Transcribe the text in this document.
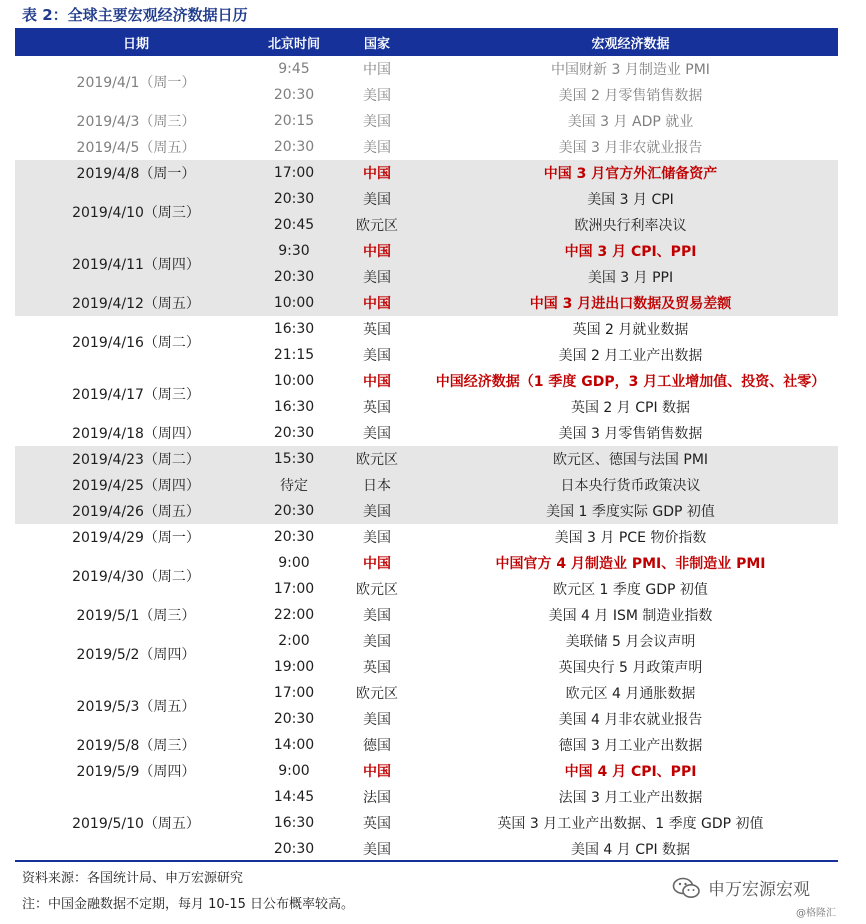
表 2：全球主要宏观经济数据日历
日期	北京时间	国家	宏观经济数据
2019/4/1（周一）
9:45	中国	中国财新 3 月制造业 PMI
20:30	美国	美国 2 月零售销售数据
2019/4/3（周三）	20:15	美国	美国 3 月 ADP 就业
2019/4/5（周五）	20:30	美国	美国 3 月非农就业报告
2019/4/8（周一）	17:00	中国	中国 3 月官方外汇储备资产
2019/4/10（周三）
20:30	美国	美国 3 月 CPI
20:45	欧元区	欧洲央行利率决议
2019/4/11（周四）
9:30	中国	中国 3 月 CPI、PPI
20:30	美国	美国 3 月 PPI
2019/4/12（周五）	10:00	中国	中国 3 月进出口数据及贸易差额
2019/4/16（周二）
16:30	英国	英国 2 月就业数据
21:15	美国	美国 2 月工业产出数据
2019/4/17（周三）
10:00	中国	中国经济数据（1 季度 GDP，3 月工业增加值、投资、社零）
16:30	英国	英国 2 月 CPI 数据
2019/4/18（周四）	20:30	美国	美国 3 月零售销售数据
2019/4/23（周二）	15:30	欧元区	欧元区、德国与法国 PMI
2019/4/25（周四）	待定	日本	日本央行货币政策决议
2019/4/26（周五）	20:30	美国	美国 1 季度实际 GDP 初值
2019/4/29（周一）	20:30	美国	美国 3 月 PCE 物价指数
2019/4/30（周二）
9:00	中国	中国官方 4 月制造业 PMI、非制造业 PMI
17:00	欧元区	欧元区 1 季度 GDP 初值
2019/5/1（周三）	22:00	美国	美国 4 月 ISM 制造业指数
2019/5/2（周四）
2:00	美国	美联储 5 月会议声明
19:00	英国	英国央行 5 月政策声明
2019/5/3（周五）
17:00	欧元区	欧元区 4 月通胀数据
20:30	美国	美国 4 月非农就业报告
2019/5/8（周三）	14:00	德国	德国 3 月工业产出数据
2019/5/9（周四）	9:00	中国	中国 4 月 CPI、PPI
2019/5/10（周五）
14:45	法国	法国 3 月工业产出数据
16:30	英国	英国 3 月工业产出数据、1 季度 GDP 初值
20:30	美国	美国 4 月 CPI 数据
资料来源：各国统计局、申万宏源研究
注：中国金融数据不定期，每月 10-15 日公布概率较高。
申万宏源宏观
@格隆汇
